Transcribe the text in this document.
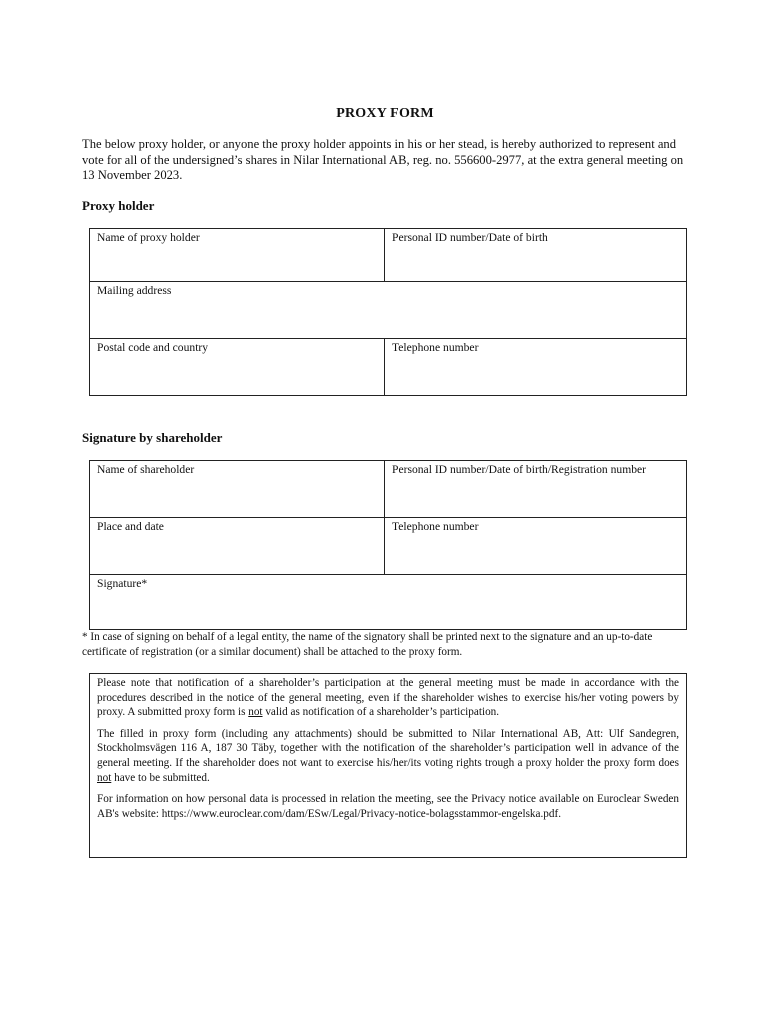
PROXY FORM
The below proxy holder, or anyone the proxy holder appoints in his or her stead, is hereby authorized to represent and vote for all of the undersigned’s shares in Nilar International AB, reg. no. 556600-2977, at the extra general meeting on 13 November 2023.
Proxy holder
Name of proxy holder	Personal ID number/Date of birth
Mailing address	
Postal code and country	Telephone number
Signature by shareholder
Name of shareholder	Personal ID number/Date of birth/Registration number
Place and date	Telephone number
Signature*	
* In case of signing on behalf of a legal entity, the name of the signatory shall be printed next to the signature and an up-to-date certificate of registration (or a similar document) shall be attached to the proxy form.

Please note that notification of a shareholder’s participation at the general meeting must be made in accordance with the procedures described in the notice of the general meeting, even if the shareholder wishes to exercise his/her voting powers by proxy. A submitted proxy form is not valid as notification of a shareholder’s participation.

The filled in proxy form (including any attachments) should be submitted to Nilar International AB, Att: Ulf Sandegren, Stockholmsvägen 116 A, 187 30 Täby, together with the notification of the shareholder’s participation well in advance of the general meeting. If the shareholder does not want to exercise his/her/its voting rights trough a proxy holder the proxy form does not have to be submitted.

For information on how personal data is processed in relation the meeting, see the Privacy notice available on Euroclear Sweden AB's website: https://www.euroclear.com/dam/ESw/Legal/Privacy-notice-bolagsstammor-engelska.pdf.
